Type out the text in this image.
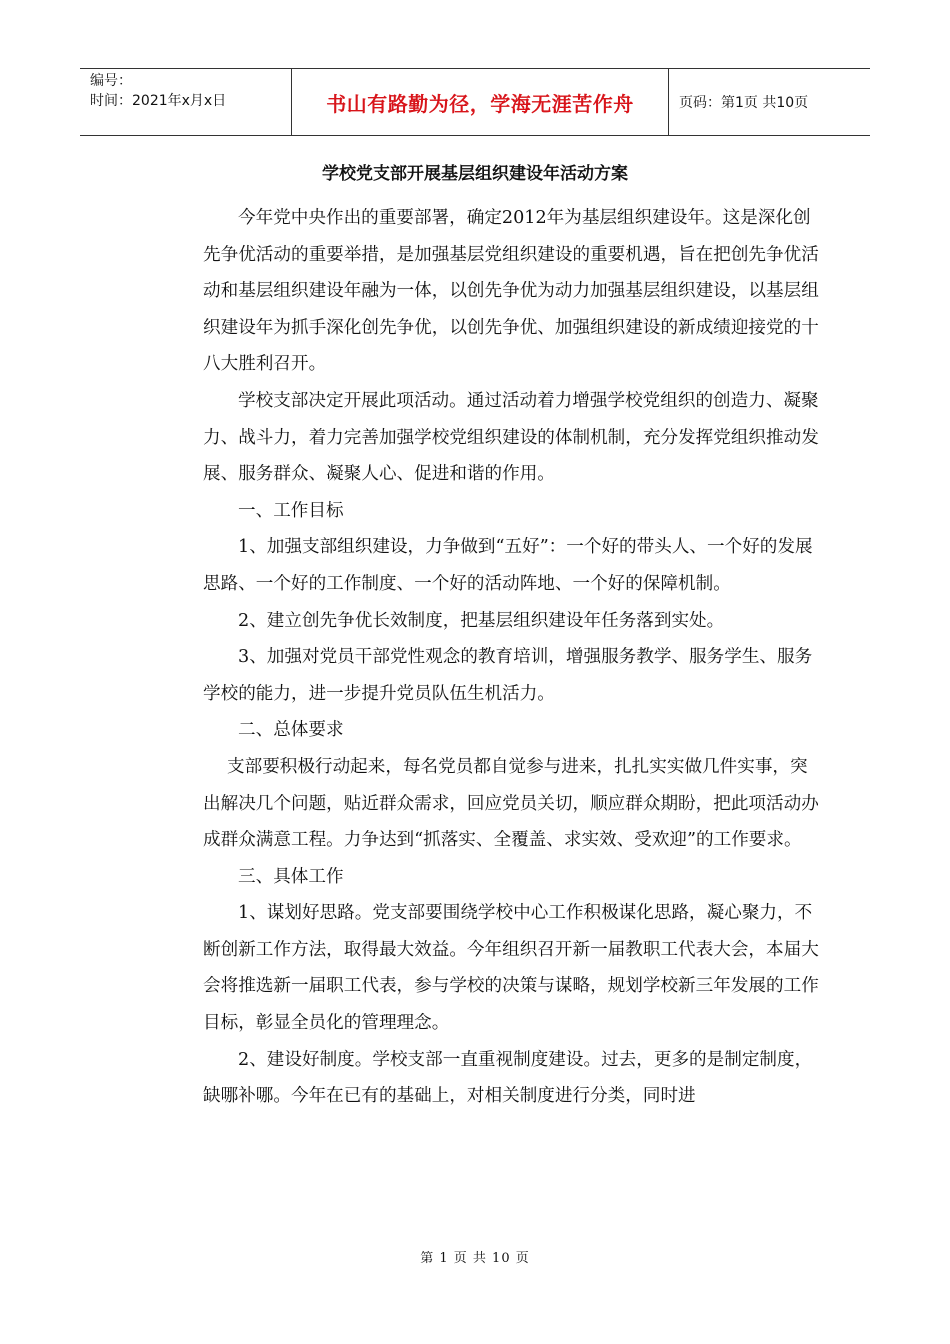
编号：
时间：2021年x月x日	书山有路勤为径，学海无涯苦作舟	页码：第1页 共10页
学校党支部开展基层组织建设年活动方案

今年党中央作出的重要部署，确定2012年为基层组织建设年。这是深化创先争优活动的重要举措，是加强基层党组织建设的重要机遇，旨在把创先争优活动和基层组织建设年融为一体，以创先争优为动力加强基层组织建设，以基层组织建设年为抓手深化创先争优，以创先争优、加强组织建设的新成绩迎接党的十八大胜利召开。

学校支部决定开展此项活动。通过活动着力增强学校党组织的创造力、凝聚力、战斗力，着力完善加强学校党组织建设的体制机制，充分发挥党组织推动发展、服务群众、凝聚人心、促进和谐的作用。

一、工作目标

1、加强支部组织建设，力争做到“五好”：一个好的带头人、一个好的发展思路、一个好的工作制度、一个好的活动阵地、一个好的保障机制。

2、建立创先争优长效制度，把基层组织建设年任务落到实处。

3、加强对党员干部党性观念的教育培训，增强服务教学、服务学生、服务学校的能力，进一步提升党员队伍生机活力。

二、总体要求

支部要积极行动起来，每名党员都自觉参与进来，扎扎实实做几件实事，突出解决几个问题，贴近群众需求，回应党员关切，顺应群众期盼，把此项活动办成群众满意工程。力争达到“抓落实、全覆盖、求实效、受欢迎”的工作要求。

三、具体工作

1、谋划好思路。党支部要围绕学校中心工作积极谋化思路，凝心聚力，不断创新工作方法，取得最大效益。今年组织召开新一届教职工代表大会，本届大会将推选新一届职工代表，参与学校的决策与谋略，规划学校新三年发展的工作目标，彰显全员化的管理理念。

2、建设好制度。学校支部一直重视制度建设。过去，更多的是制定制度，缺哪补哪。今年在已有的基础上，对相关制度进行分类，同时进

第 1 页 共 10 页
